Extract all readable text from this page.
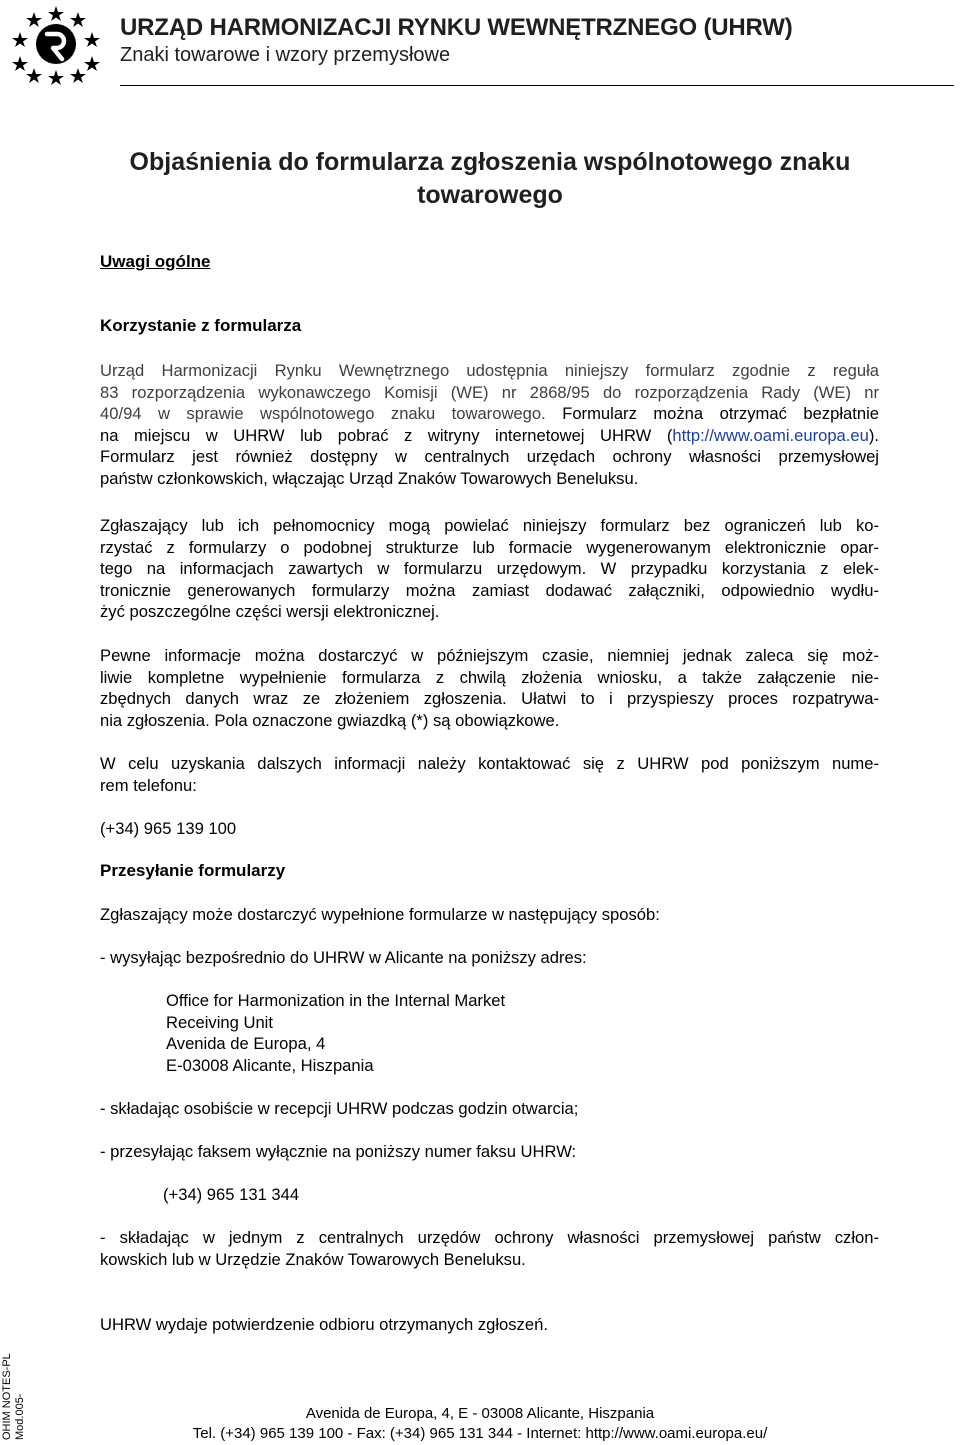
URZĄD HARMONIZACJI RYNKU WEWNĘTRZNEGO (UHRW)
Znaki towarowe i wzory przemysłowe
Objaśnienia do formularza zgłoszenia wspólnotowego znaku
towarowego
Uwagi ogólne
Korzystanie z formularza
Urząd Harmonizacji Rynku Wewnętrznego udostępnia niniejszy formularz zgodnie z reguła
83 rozporządzenia wykonawczego Komisji (WE) nr 2868/95 do rozporządzenia Rady (WE) nr
40/94 w sprawie wspólnotowego znaku towarowego. Formularz można otrzymać bezpłatnie
na miejscu w UHRW lub pobrać z witryny internetowej UHRW (http://www.oami.europa.eu).
Formularz jest również dostępny w centralnych urzędach ochrony własności przemysłowej
państw członkowskich, włączając Urząd Znaków Towarowych Beneluksu.
Zgłaszający lub ich pełnomocnicy mogą powielać niniejszy formularz bez ograniczeń lub ko-
rzystać z formularzy o podobnej strukturze lub formacie wygenerowanym elektronicznie opar-
tego na informacjach zawartych w formularzu urzędowym. W przypadku korzystania z elek-
tronicznie generowanych formularzy można zamiast dodawać załączniki, odpowiednio wydłu-
żyć poszczególne części wersji elektronicznej.
Pewne informacje można dostarczyć w późniejszym czasie, niemniej jednak zaleca się moż-
liwie kompletne wypełnienie formularza z chwilą złożenia wniosku, a także załączenie nie-
zbędnych danych wraz ze złożeniem zgłoszenia. Ułatwi to i przyspieszy proces rozpatrywa-
nia zgłoszenia. Pola oznaczone gwiazdką (*) są obowiązkowe.
W celu uzyskania dalszych informacji należy kontaktować się z UHRW pod poniższym nume-
rem telefonu:
(+34) 965 139 100
Przesyłanie formularzy
Zgłaszający może dostarczyć wypełnione formularze w następujący sposób:
- wysyłając bezpośrednio do UHRW w Alicante na poniższy adres:
Office for Harmonization in the Internal Market
Receiving Unit
Avenida de Europa, 4
E-03008 Alicante, Hiszpania
- składając osobiście w recepcji UHRW podczas godzin otwarcia;
- przesyłając faksem wyłącznie na poniższy numer faksu UHRW:
(+34) 965 131 344
- składając w jednym z centralnych urzędów ochrony własności przemysłowej państw człon-
kowskich lub w Urzędzie Znaków Towarowych Beneluksu.
UHRW wydaje potwierdzenie odbioru otrzymanych zgłoszeń.
OHIM NOTES-PL Mod.005-	Avenida de Europa, 4, E - 03008 Alicante, Hiszpania
Tel. (+34) 965 139 100 - Fax: (+34) 965 131 344 - Internet: http://www.oami.europa.eu/
